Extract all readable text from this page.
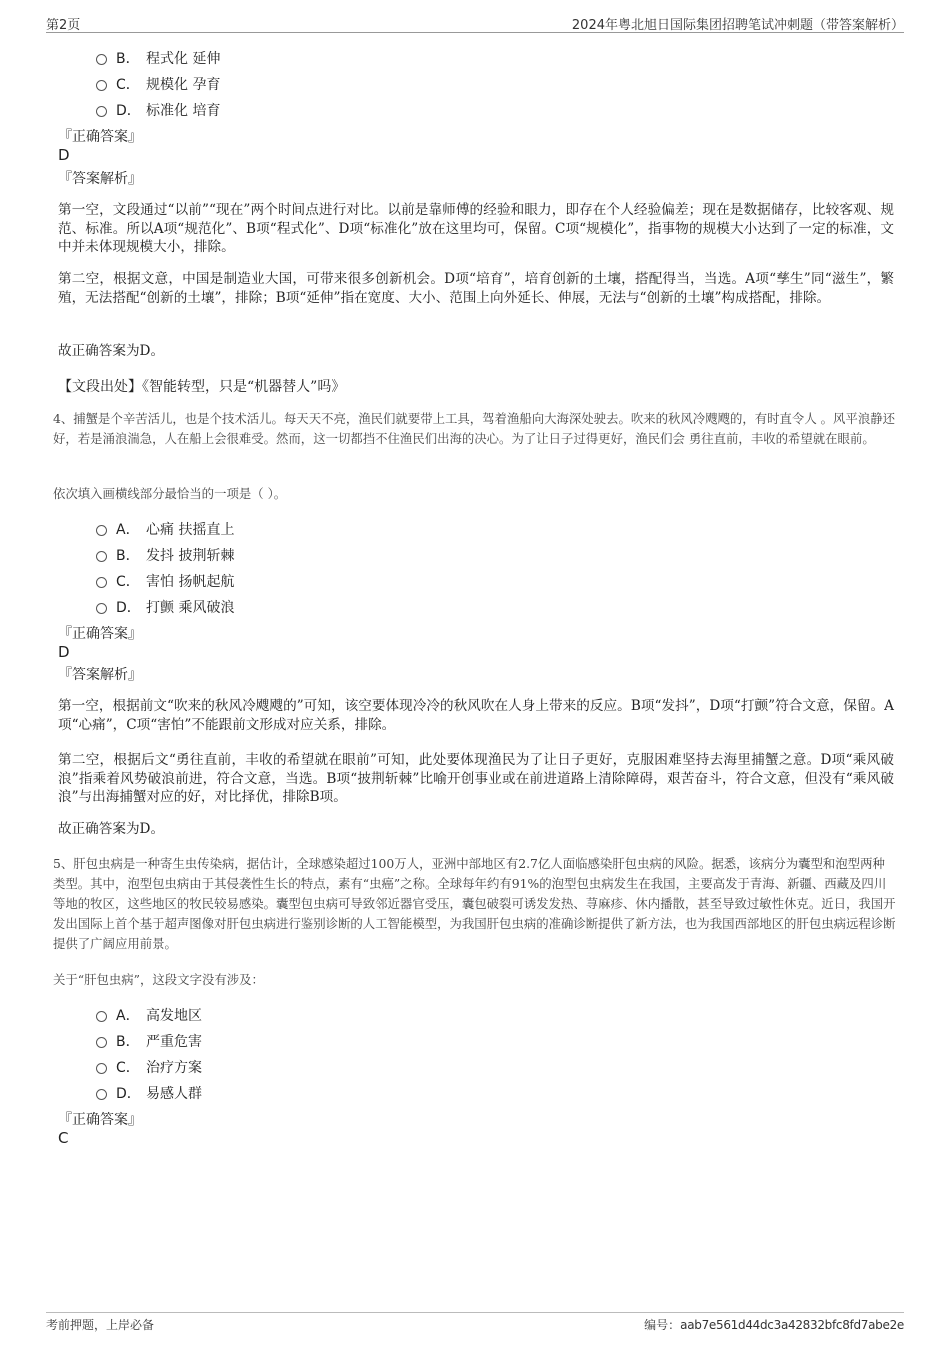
第2页	2024年粤北旭日国际集团招聘笔试冲刺题（带答案解析）
B． 程式化 延伸
C． 规模化 孕育
D． 标准化 培育
『正确答案』
D
『答案解析』
第一空，文段通过“以前”“现在”两个时间点进行对比。以前是靠师傅的经验和眼力，即存在个人经验偏差；现在是数据储存，比较客观、规范、标准。所以A项“规范化”、B项“程式化”、D项“标准化”放在这里均可，保留。C项“规模化”，指事物的规模大小达到了一定的标准，文中并未体现规模大小，排除。
第二空，根据文意，中国是制造业大国，可带来很多创新机会。D项“培育”，培育创新的土壤，搭配得当，当选。A项“孳生”同“滋生”，繁殖，无法搭配“创新的土壤”，排除；B项“延伸”指在宽度、大小、范围上向外延长、伸展，无法与“创新的土壤”构成搭配，排除。
故正确答案为D。
【文段出处】《智能转型，只是“机器替人”吗》
4、捕蟹是个辛苦活儿，也是个技术活儿。每天天不亮，渔民们就要带上工具，驾着渔船向大海深处驶去。吹来的秋风冷飕飕的，有时直令人 。风平浪静还好，若是涌浪湍急，人在船上会很难受。然而，这一切都挡不住渔民们出海的决心。为了让日子过得更好，渔民们会 勇往直前，丰收的希望就在眼前。
依次填入画横线部分最恰当的一项是（ ）。
A． 心痛 扶摇直上
B． 发抖 披荆斩棘
C． 害怕 扬帆起航
D． 打颤 乘风破浪
『正确答案』
D
『答案解析』
第一空，根据前文“吹来的秋风冷飕飕的”可知，该空要体现冷冷的秋风吹在人身上带来的反应。B项“发抖”，D项“打颤”符合文意，保留。A项“心痛”，C项“害怕”不能跟前文形成对应关系，排除。
第二空，根据后文“勇往直前，丰收的希望就在眼前”可知，此处要体现渔民为了让日子更好，克服困难坚持去海里捕蟹之意。D项“乘风破浪”指乘着风势破浪前进，符合文意，当选。B项“披荆斩棘”比喻开创事业或在前进道路上清除障碍，艰苦奋斗，符合文意，但没有“乘风破浪”与出海捕蟹对应的好，对比择优，排除B项。
故正确答案为D。
5、肝包虫病是一种寄生虫传染病，据估计，全球感染超过100万人，亚洲中部地区有2.7亿人面临感染肝包虫病的风险。据悉，该病分为囊型和泡型两种类型。其中，泡型包虫病由于其侵袭性生长的特点，素有“虫癌”之称。全球每年约有91%的泡型包虫病发生在我国，主要高发于青海、新疆、西藏及四川等地的牧区，这些地区的牧民较易感染。囊型包虫病可导致邻近器官受压，囊包破裂可诱发发热、荨麻疹、休内播散，甚至导致过敏性休克。近日，我国开发出国际上首个基于超声图像对肝包虫病进行鉴别诊断的人工智能模型，为我国肝包虫病的准确诊断提供了新方法，也为我国西部地区的肝包虫病远程诊断提供了广阔应用前景。
关于“肝包虫病”，这段文字没有涉及：
A． 高发地区
B． 严重危害
C． 治疗方案
D． 易感人群
『正确答案』
C
考前押题，上岸必备	编号：aab7e561d44dc3a42832bfc8fd7abe2e
